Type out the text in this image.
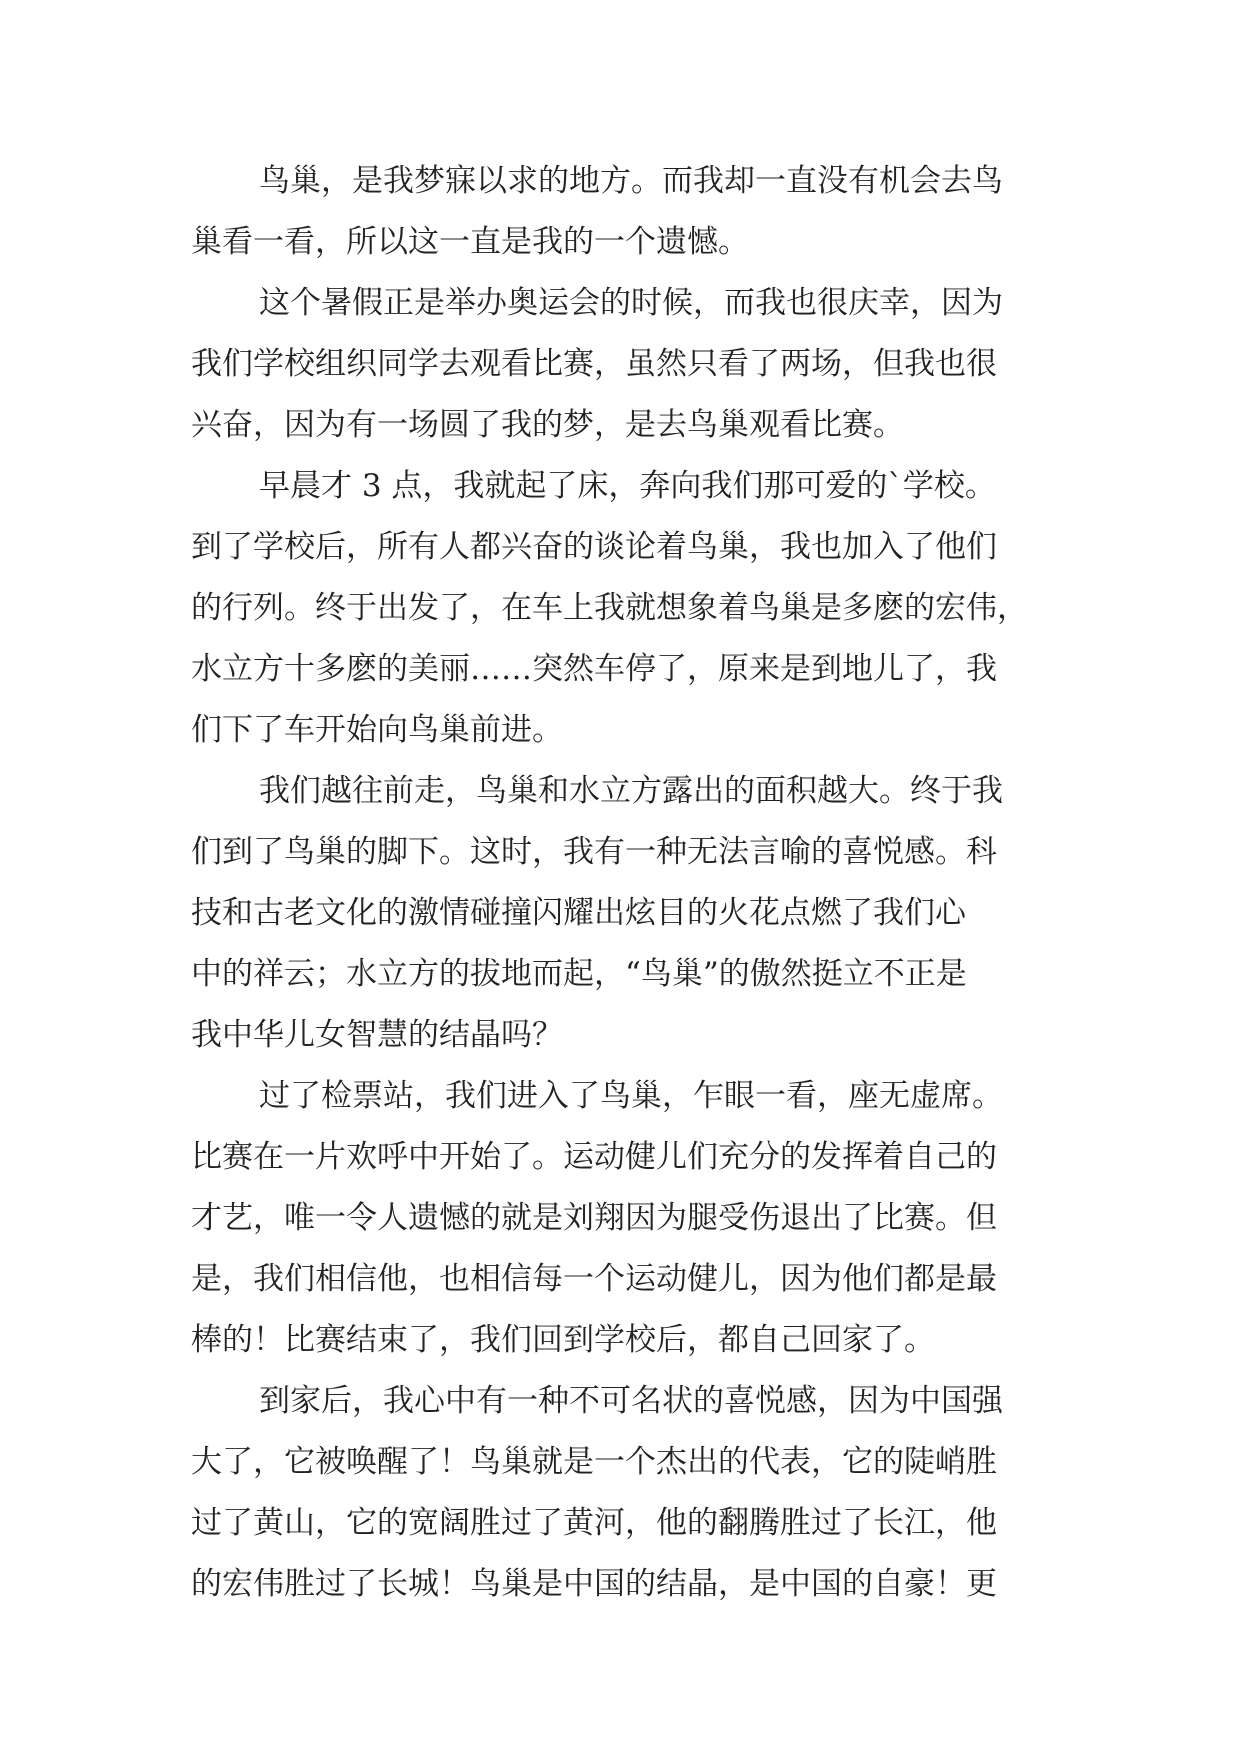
鸟巢，是我梦寐以求的地方。而我却一直没有机会去鸟
巢看一看，所以这一直是我的一个遗憾。
这个暑假正是举办奥运会的时候，而我也很庆幸，因为
我们学校组织同学去观看比赛，虽然只看了两场，但我也很
兴奋，因为有一场圆了我的梦，是去鸟巢观看比赛。
早晨才 3 点，我就起了床，奔向我们那可爱的`学校。
到了学校后，所有人都兴奋的谈论着鸟巢，我也加入了他们
的行列。终于出发了，在车上我就想象着鸟巢是多麽的宏伟，
水立方十多麽的美丽……突然车停了，原来是到地儿了，我
们下了车开始向鸟巢前进。
我们越往前走，鸟巢和水立方露出的面积越大。终于我
们到了鸟巢的脚下。这时，我有一种无法言喻的喜悦感。科
技和古老文化的激情碰撞闪耀出炫目的火花点燃了我们心
中的祥云；水立方的拔地而起，“鸟巢”的傲然挺立不正是
我中华儿女智慧的结晶吗？
过了检票站，我们进入了鸟巢，乍眼一看，座无虚席。
比赛在一片欢呼中开始了。运动健儿们充分的发挥着自己的
才艺，唯一令人遗憾的就是刘翔因为腿受伤退出了比赛。但
是，我们相信他，也相信每一个运动健儿，因为他们都是最
棒的！比赛结束了，我们回到学校后，都自己回家了。
到家后，我心中有一种不可名状的喜悦感，因为中国强
大了，它被唤醒了！鸟巢就是一个杰出的代表，它的陡峭胜
过了黄山，它的宽阔胜过了黄河，他的翻腾胜过了长江，他
的宏伟胜过了长城！鸟巢是中国的结晶，是中国的自豪！更
